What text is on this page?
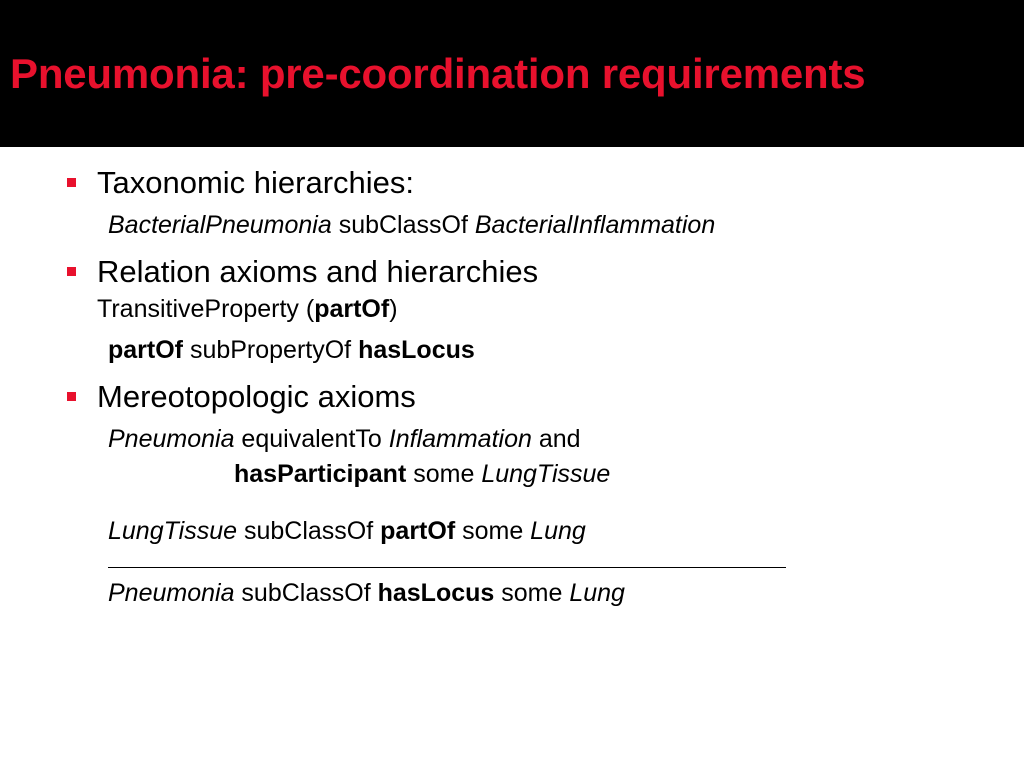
Pneumonia: pre-coordination requirements
Taxonomic hierarchies:
BacterialPneumonia subClassOf BacterialInflammation
Relation axioms and hierarchies
TransitiveProperty (partOf)
partOf subPropertyOf hasLocus
Mereotopologic axioms
Pneumonia equivalentTo Inflammation and
hasParticipant some LungTissue
LungTissue subClassOf partOf some Lung
Pneumonia subClassOf hasLocus some Lung
